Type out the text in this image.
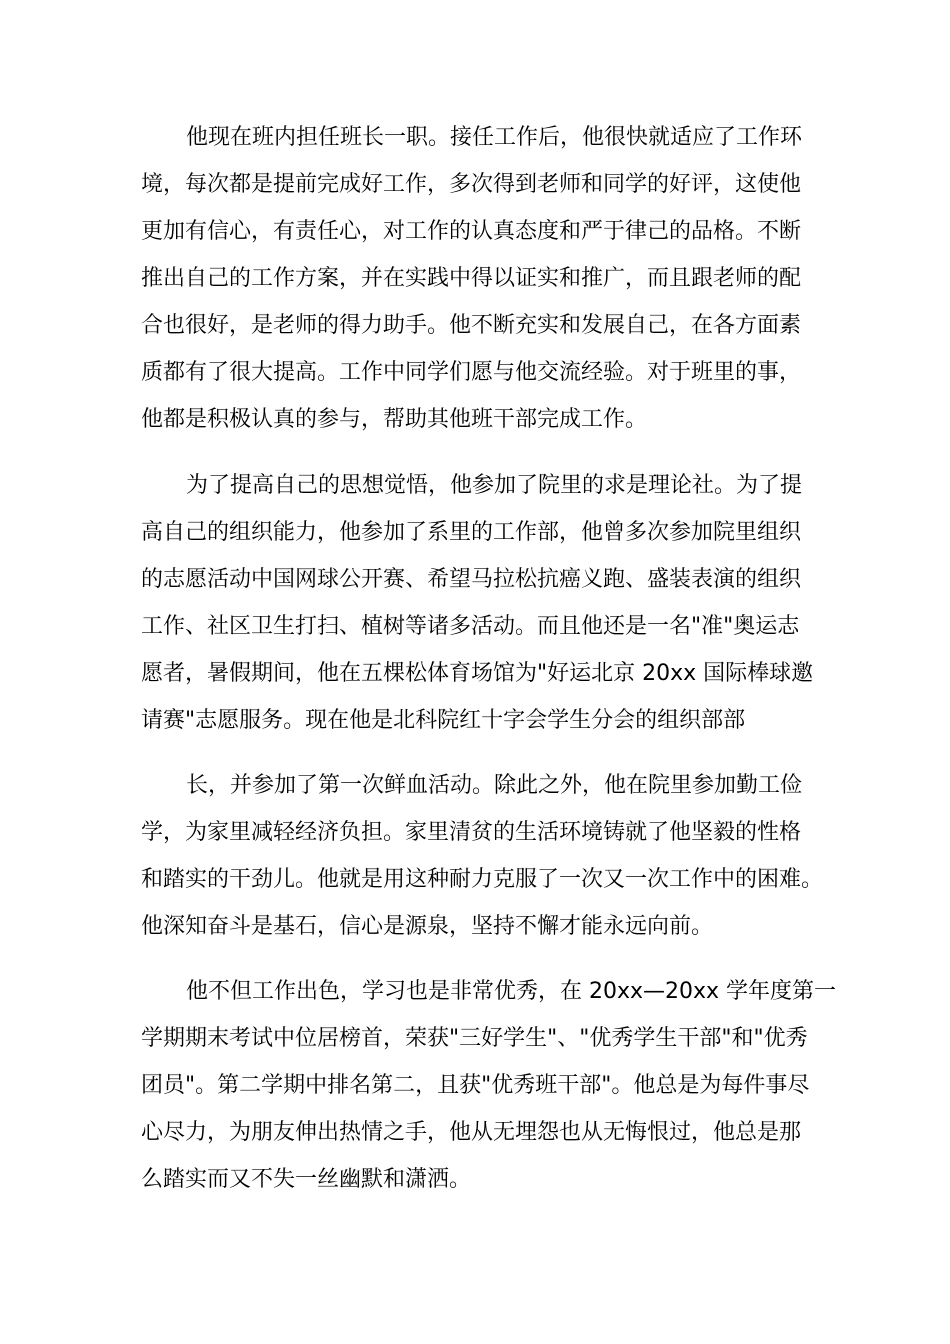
他现在班内担任班长一职。接任工作后，他很快就适应了工作环

境，每次都是提前完成好工作，多次得到老师和同学的好评，这使他

更加有信心，有责任心，对工作的认真态度和严于律己的品格。不断

推出自己的工作方案，并在实践中得以证实和推广，而且跟老师的配

合也很好，是老师的得力助手。他不断充实和发展自己，在各方面素

质都有了很大提高。工作中同学们愿与他交流经验。对于班里的事，

他都是积极认真的参与，帮助其他班干部完成工作。

为了提高自己的思想觉悟，他参加了院里的求是理论社。为了提

高自己的组织能力，他参加了系里的工作部，他曾多次参加院里组织

的志愿活动中国网球公开赛、希望马拉松抗癌义跑、盛装表演的组织

工作、社区卫生打扫、植树等诸多活动。而且他还是一名"准"奥运志

愿者，暑假期间，他在五棵松体育场馆为"好运北京 20xx 国际棒球邀

请赛"志愿服务。现在他是北科院红十字会学生分会的组织部部

长，并参加了第一次鲜血活动。除此之外，他在院里参加勤工俭

学，为家里减轻经济负担。家里清贫的生活环境铸就了他坚毅的性格

和踏实的干劲儿。他就是用这种耐力克服了一次又一次工作中的困难。

他深知奋斗是基石，信心是源泉，坚持不懈才能永远向前。

他不但工作出色，学习也是非常优秀，在 20xx—20xx 学年度第一

学期期末考试中位居榜首，荣获"三好学生"、"优秀学生干部"和"优秀

团员"。第二学期中排名第二，且获"优秀班干部"。他总是为每件事尽

心尽力，为朋友伸出热情之手，他从无埋怨也从无悔恨过，他总是那

么踏实而又不失一丝幽默和潇洒。
